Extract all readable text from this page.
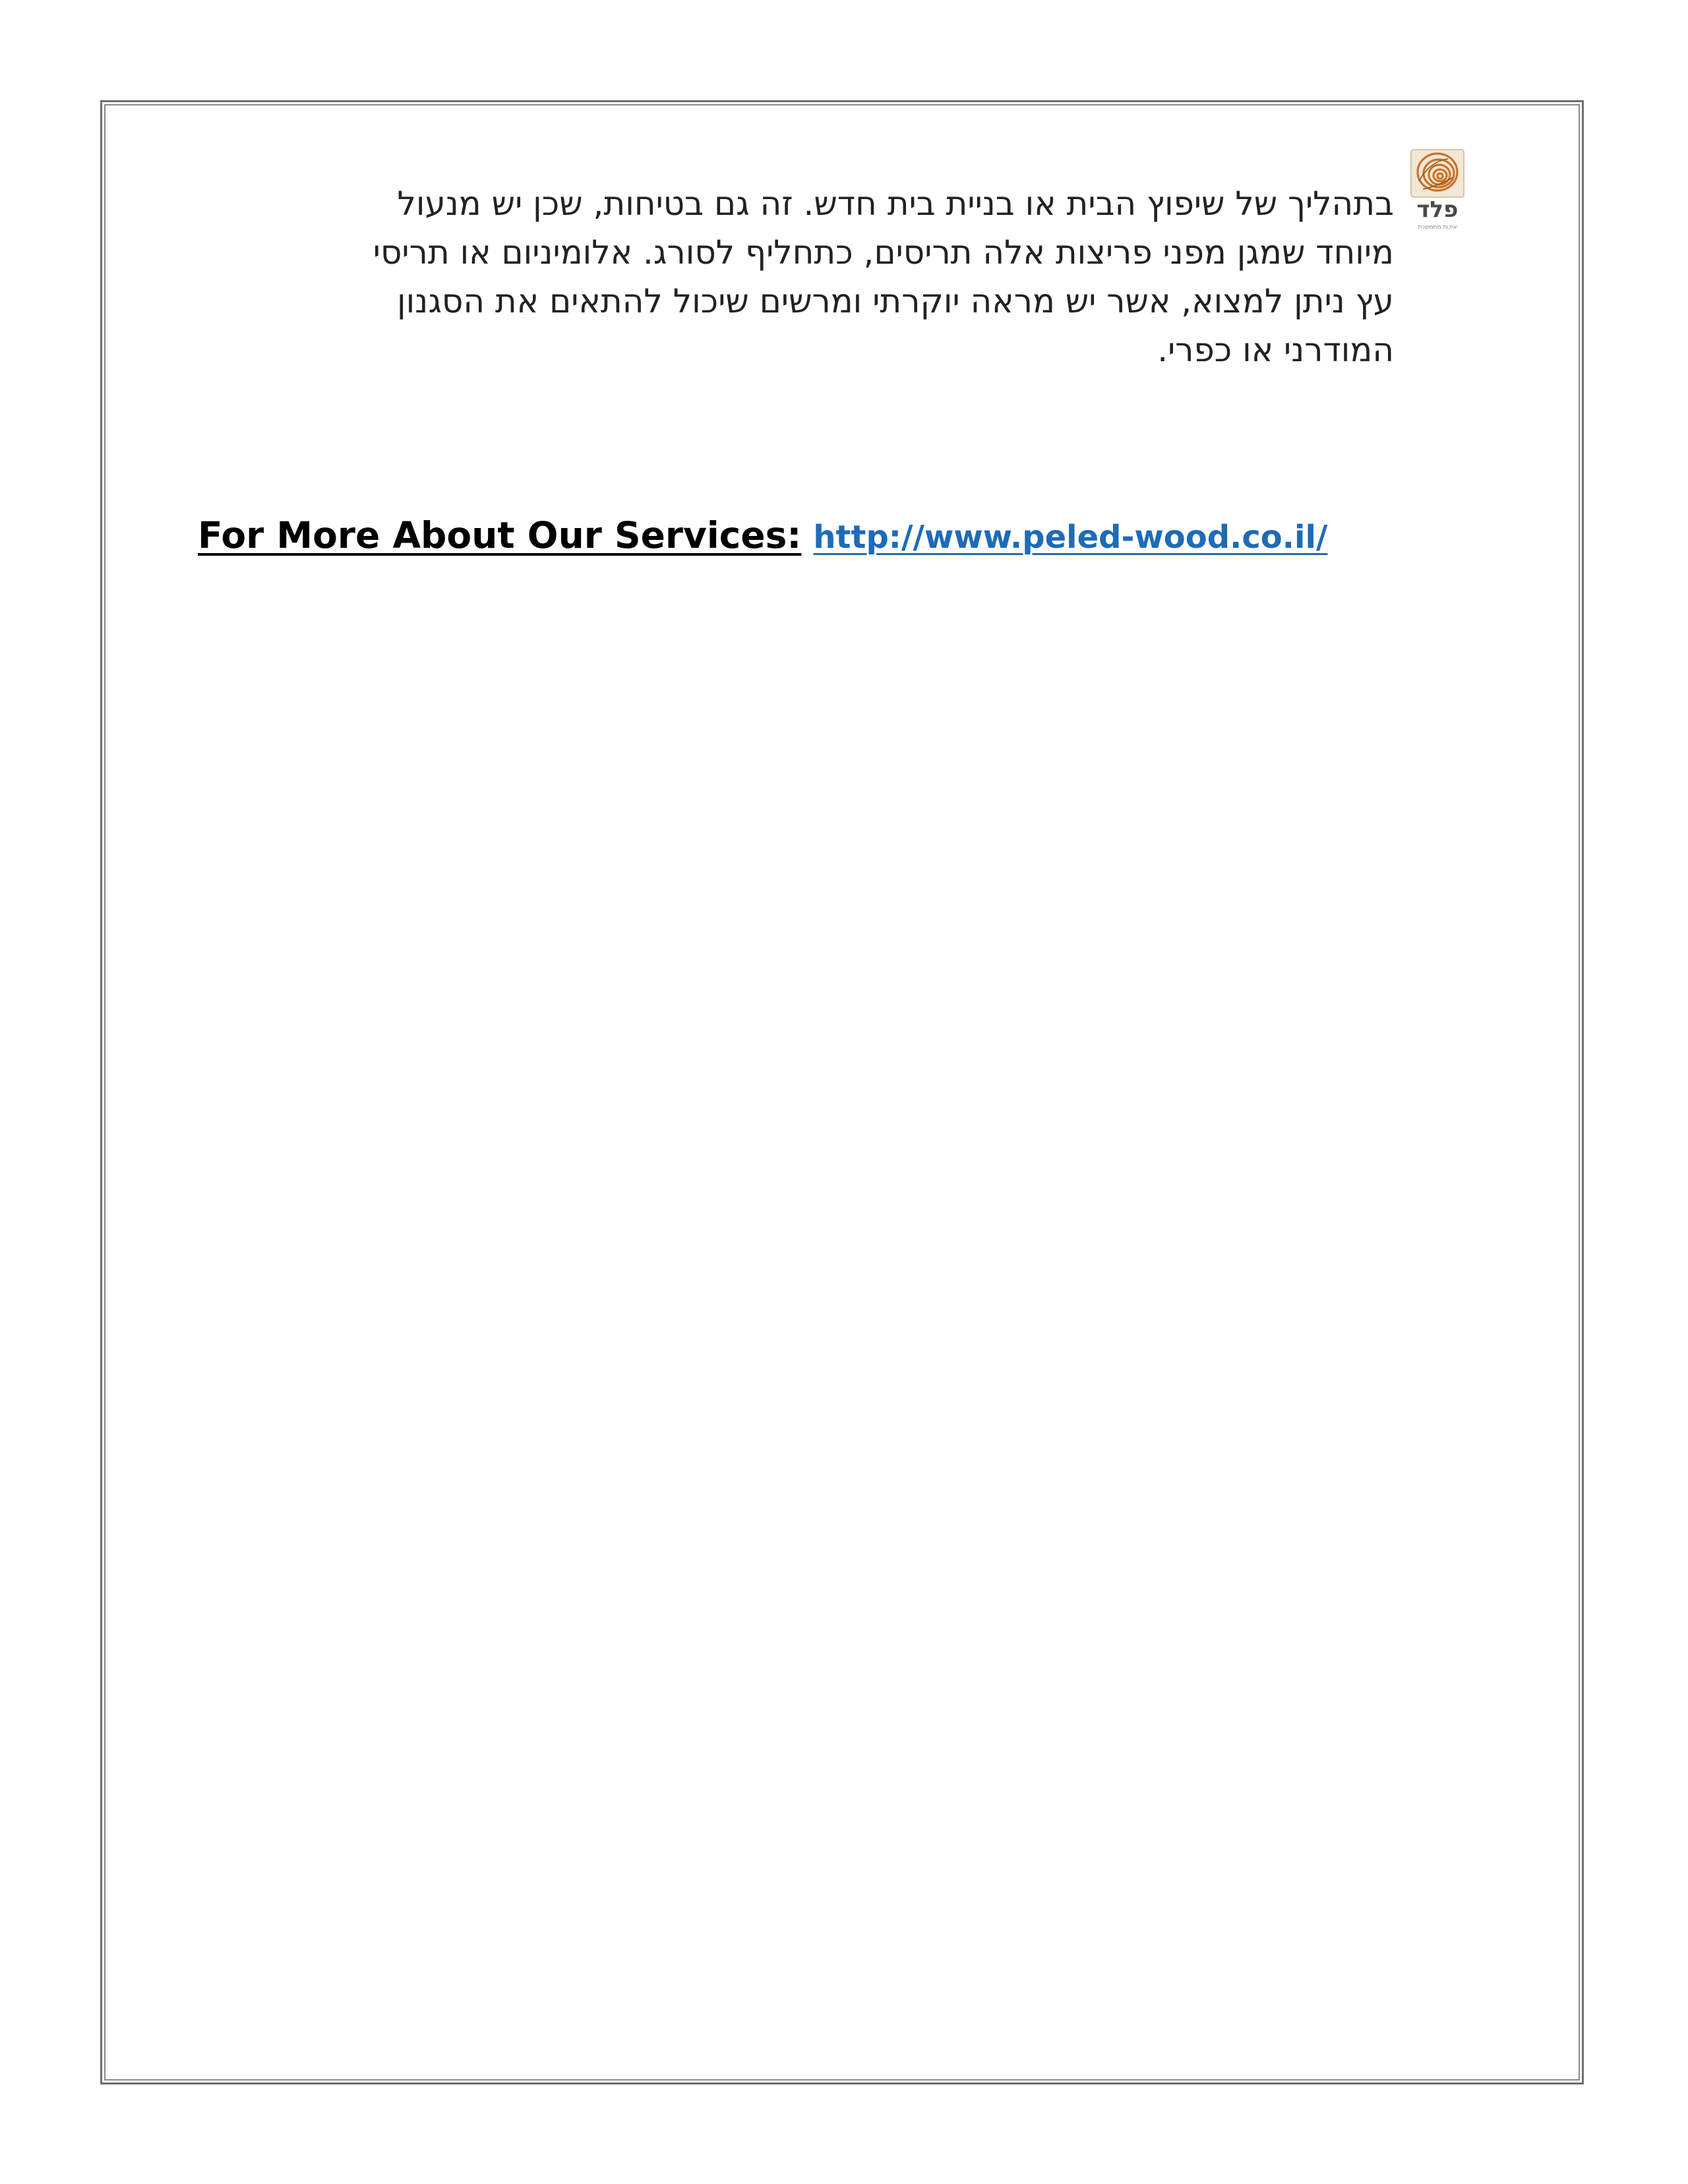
פלד
איכות מתמשכת
בתהליך של שיפוץ הבית או בניית בית חדש. זה גם בטיחות, שכן יש מנעול
מיוחד שמגן מפני פריצות אלה תריסים, כתחליף לסורג. אלומיניום או תריסי
עץ ניתן למצוא, אשר יש מראה יוקרתי ומרשים שיכול להתאים את הסגנון
המודרני או כפרי.
For More About Our Services: http://www.peled-wood.co.il/
